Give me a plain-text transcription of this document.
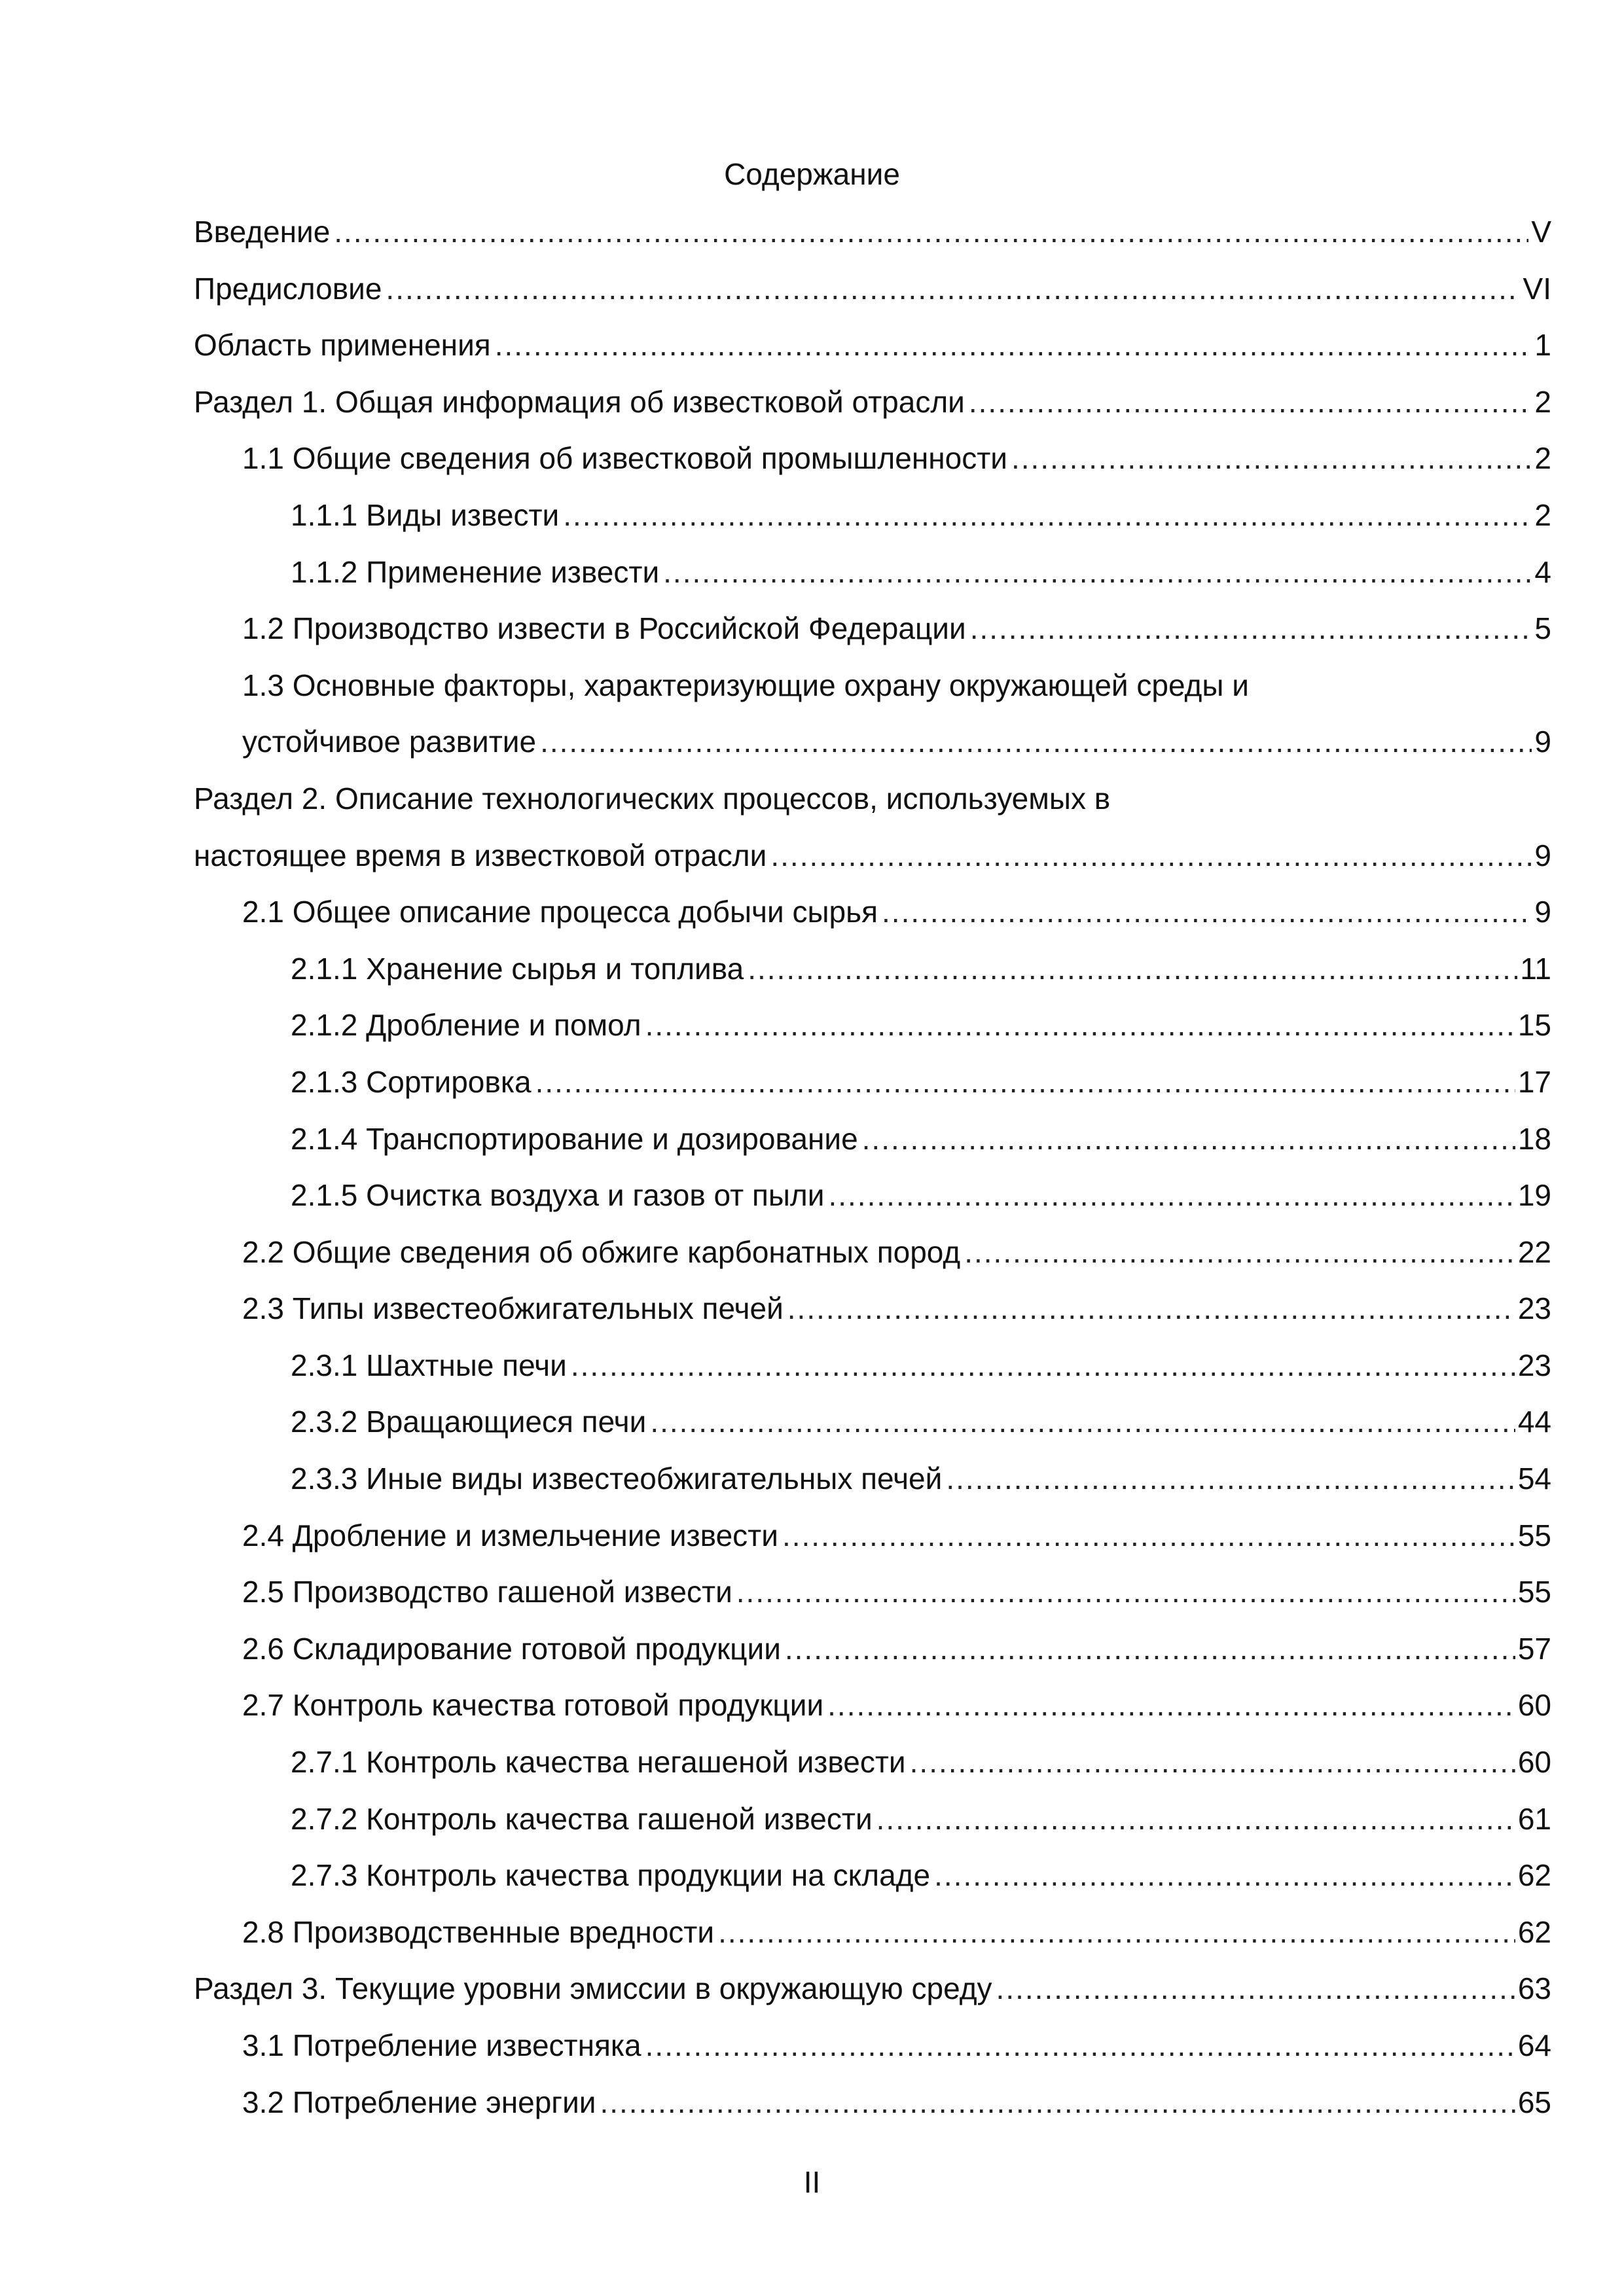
Содержание
Введение .....	V
Предисловие .....	VI
Область применения .....	1
Раздел 1. Общая информация об известковой отрасли .....	2
1.1 Общие сведения об известковой промышленности .....	2
1.1.1 Виды извести .....	2
1.1.2 Применение извести .....	4
1.2 Производство извести в Российской Федерации .....	5
1.3 Основные факторы, характеризующие охрану окружающей среды и
устойчивое развитие .....	9
Раздел 2. Описание технологических процессов, используемых в
настоящее время в известковой отрасли .....	9
2.1 Общее описание процесса добычи сырья .....	9
2.1.1 Хранение сырья и топлива .....	11
2.1.2 Дробление и помол .....	15
2.1.3 Сортировка .....	17
2.1.4 Транспортирование и дозирование .....	18
2.1.5 Очистка воздуха и газов от пыли .....	19
2.2 Общие сведения об обжиге карбонатных пород .....	22
2.3 Типы известеобжигательных печей .....	23
2.3.1 Шахтные печи .....	23
2.3.2 Вращающиеся печи .....	44
2.3.3 Иные виды известеобжигательных печей .....	54
2.4 Дробление и измельчение извести .....	55
2.5 Производство гашеной извести .....	55
2.6 Складирование готовой продукции .....	57
2.7 Контроль качества готовой продукции .....	60
2.7.1 Контроль качества негашеной извести .....	60
2.7.2 Контроль качества гашеной извести .....	61
2.7.3 Контроль качества продукции на складе .....	62
2.8 Производственные вредности .....	62
Раздел 3. Текущие уровни эмиссии в окружающую среду .....	63
3.1 Потребление известняка .....	64
3.2 Потребление энергии .....	65
II
